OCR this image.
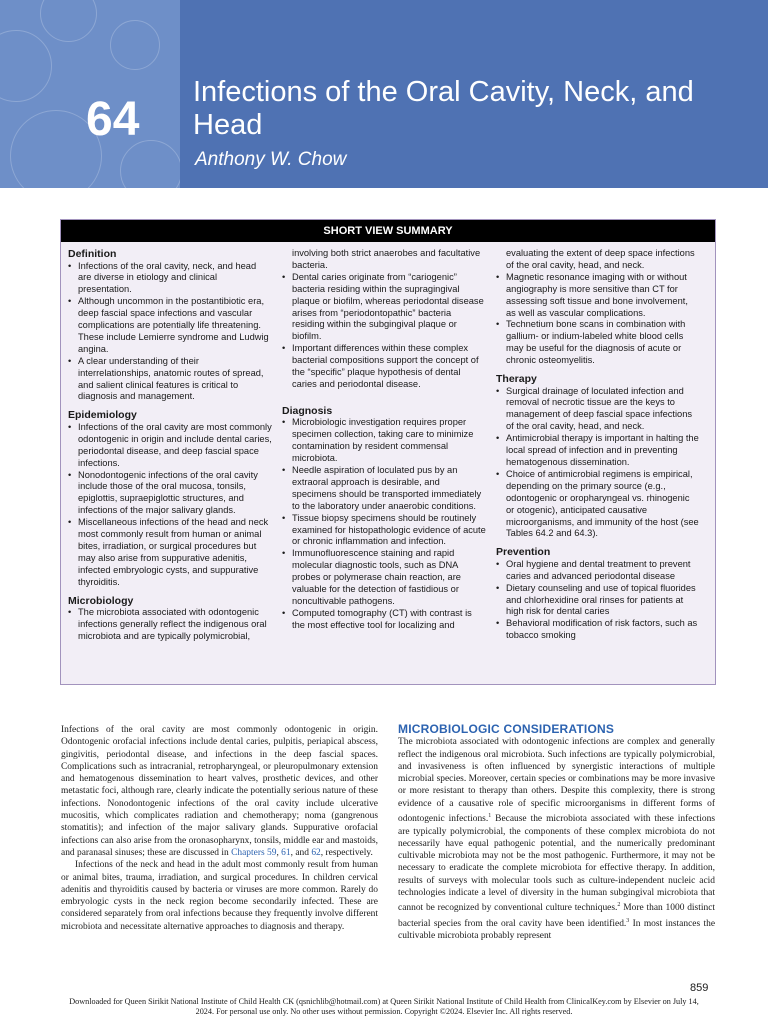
64
Infections of the Oral Cavity, Neck, and Head

Anthony W. Chow

SHORT VIEW SUMMARY
Definition
• Infections of the oral cavity, neck, and head are diverse in etiology and clinical presentation.
• Although uncommon in the postantibiotic era, deep fascial space infections and vascular complications are potentially life threatening. These include Lemierre syndrome and Ludwig angina.
• A clear understanding of their interrelationships, anatomic routes of spread, and salient clinical features is critical to diagnosis and management.
Epidemiology
• Infections of the oral cavity are most commonly odontogenic in origin and include dental caries, periodontal disease, and deep fascial space infections.
• Nonodontogenic infections of the oral cavity include those of the oral mucosa, tonsils, epiglottis, supraepiglottic structures, and infections of the major salivary glands.
• Miscellaneous infections of the head and neck most commonly result from human or animal bites, irradiation, or surgical procedures but may also arise from suppurative adenitis, infected embryologic cysts, and suppurative thyroiditis.
Microbiology
• The microbiota associated with odontogenic infections generally reflect the indigenous oral microbiota and are typically polymicrobial,

involving both strict anaerobes and facultative bacteria.

• Dental caries originate from “cariogenic” bacteria residing within the supragingival plaque or biofilm, whereas periodontal disease arises from “periodontopathic” bacteria residing within the subgingival plaque or biofilm.
• Important differences within these complex bacterial compositions support the concept of the “specific” plaque hypothesis of dental caries and periodontal disease.
Diagnosis
• Microbiologic investigation requires proper specimen collection, taking care to minimize contamination by resident commensal microbiota.
• Needle aspiration of loculated pus by an extraoral approach is desirable, and specimens should be transported immediately to the laboratory under anaerobic conditions.
• Tissue biopsy specimens should be routinely examined for histopathologic evidence of acute or chronic inflammation and infection.
• Immunofluorescence staining and rapid molecular diagnostic tools, such as DNA probes or polymerase chain reaction, are valuable for the detection of fastidious or noncultivable pathogens.
• Computed tomography (CT) with contrast is the most effective tool for localizing and

evaluating the extent of deep space infections of the oral cavity, head, and neck.

• Magnetic resonance imaging with or without angiography is more sensitive than CT for assessing soft tissue and bone involvement, as well as vascular complications.
• Technetium bone scans in combination with gallium- or indium-labeled white blood cells may be useful for the diagnosis of acute or chronic osteomyelitis.
Therapy
• Surgical drainage of loculated infection and removal of necrotic tissue are the keys to management of deep fascial space infections of the oral cavity, head, and neck.
• Antimicrobial therapy is important in halting the local spread of infection and in preventing hematogenous dissemination.
• Choice of antimicrobial regimens is empirical, depending on the primary source (e.g., odontogenic or oropharyngeal vs. rhinogenic or otogenic), anticipated causative microorganisms, and immunity of the host (see Tables 64.2 and 64.3).
Prevention
• Oral hygiene and dental treatment to prevent caries and advanced periodontal disease
• Dietary counseling and use of topical fluorides and chlorhexidine oral rinses for patients at high risk for dental caries
• Behavioral modification of risk factors, such as tobacco smoking

Infections of the oral cavity are most commonly odontogenic in origin. Odontogenic orofacial infections include dental caries, pulpitis, periapical abscess, gingivitis, periodontal disease, and infections in the deep fascial spaces. Complications such as intracranial, retropharyngeal, or pleuropulmonary extension and hematogenous dissemination to heart valves, prosthetic devices, and other metastatic foci, although rare, clearly indicate the potentially serious nature of these infections. Nonodontogenic infections of the oral cavity include ulcerative mucositis, which complicates radiation and chemotherapy; noma (gangrenous stomatitis); and infection of the major salivary glands. Suppurative orofacial infections can also arise from the oronasopharynx, tonsils, middle ear and mastoids, and paranasal sinuses; these are discussed in Chapters 59, 61, and 62, respectively.

Infections of the neck and head in the adult most commonly result from human or animal bites, trauma, irradiation, and surgical procedures. In children cervical adenitis and thyroiditis caused by bacteria or viruses are more common. Rarely do embryologic cysts in the neck region become secondarily infected. These are considered separately from oral infections because they frequently involve different microbiota and necessitate alternative approaches to diagnosis and therapy.

MICROBIOLOGIC CONSIDERATIONS

The microbiota associated with odontogenic infections are complex and generally reflect the indigenous oral microbiota. Such infections are typically polymicrobial, and invasiveness is often influenced by synergistic interactions of multiple microbial species. Moreover, certain species or combinations may be more invasive or more resistant to therapy than others. Despite this complexity, there is strong evidence of a causative role of specific microorganisms in different forms of odontogenic infections.$^1$ Because the microbiota associated with these infections are typically polymicrobial, the components of these complex microbiota do not necessarily have equal pathogenic potential, and the numerically predominant cultivable microbiota may not be the most pathogenic. Furthermore, it may not be necessary to eradicate the complete microbiota for effective therapy. In addition, results of surveys with molecular tools such as culture-independent nucleic acid technologies indicate a level of diversity in the human subgingival microbiota that cannot be recognized by conventional culture techniques.$^2$ More than 1000 distinct bacterial species from the oral cavity have been identified.$^3$ In most instances the cultivable microbiota probably represent

859
Downloaded for Queen Sirikit National Institute of Child Health CK (qsnichlib@hotmail.com) at Queen Sirikit National Institute of Child Health from ClinicalKey.com by Elsevier on July 14, 2024. For personal use only. No other uses without permission. Copyright ©2024. Elsevier Inc. All rights reserved.
